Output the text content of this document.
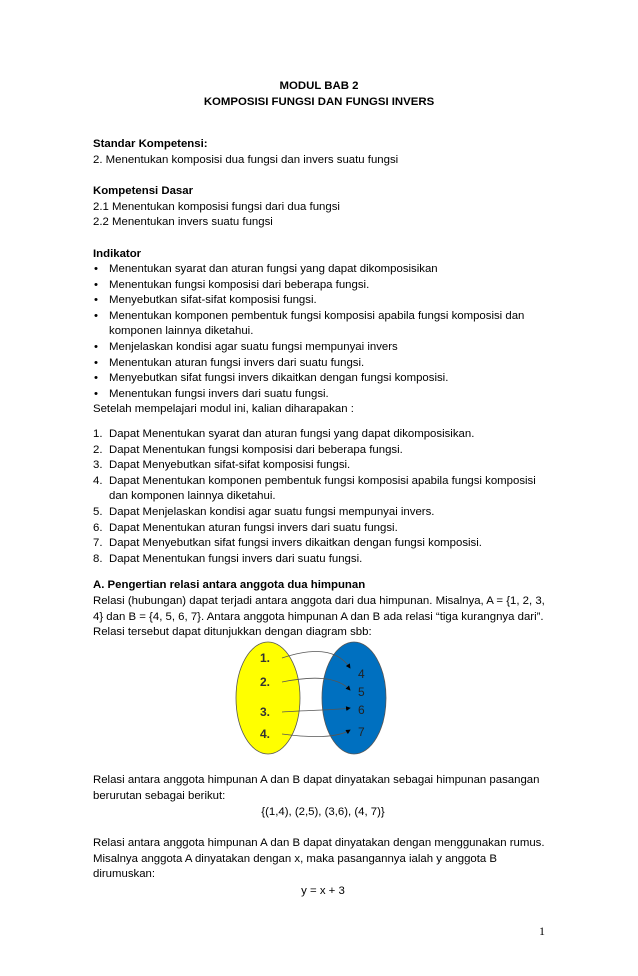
MODUL BAB 2
KOMPOSISI FUNGSI DAN FUNGSI INVERS
Standar Kompetensi:
2. Menentukan komposisi dua fungsi dan invers suatu fungsi
Kompetensi Dasar
2.1 Menentukan komposisi fungsi dari dua fungsi
2.2 Menentukan invers suatu fungsi
Indikator
• Menentukan syarat dan aturan fungsi yang dapat dikomposisikan
• Menentukan fungsi komposisi dari beberapa fungsi.
• Menyebutkan sifat-sifat komposisi fungsi.
• Menentukan komponen pembentuk fungsi komposisi apabila fungsi komposisi dan komponen lainnya diketahui.
• Menjelaskan kondisi agar suatu fungsi mempunyai invers
• Menentukan aturan fungsi invers dari suatu fungsi.
• Menyebutkan sifat fungsi invers dikaitkan dengan fungsi komposisi.
• Menentukan fungsi invers dari suatu fungsi.
Setelah mempelajari modul ini, kalian diharapakan :
1. Dapat Menentukan syarat dan aturan fungsi yang dapat dikomposisikan.
2. Dapat Menentukan fungsi komposisi dari beberapa fungsi.
3. Dapat Menyebutkan sifat-sifat komposisi fungsi.
4. Dapat Menentukan komponen pembentuk fungsi komposisi apabila fungsi komposisi dan komponen lainnya diketahui.
5. Dapat Menjelaskan kondisi agar suatu fungsi mempunyai invers.
6. Dapat Menentukan aturan fungsi invers dari suatu fungsi.
7. Dapat Menyebutkan sifat fungsi invers dikaitkan dengan fungsi komposisi.
8. Dapat Menentukan fungsi invers dari suatu fungsi.
A. Pengertian relasi antara anggota dua himpunan
Relasi (hubungan) dapat terjadi antara anggota dari dua himpunan. Misalnya, A = {1, 2, 3, 4} dan B = {4, 5, 6, 7}. Antara anggota himpunan A dan B ada relasi “tiga kurangnya dari”. Relasi tersebut dapat ditunjukkan dengan diagram sbb:
1.
2.
3.
4.
4
5
6
7
Relasi antara anggota himpunan A dan B dapat dinyatakan sebagai himpunan pasangan berurutan sebagai berikut:
{(1,4), (2,5), (3,6), (4, 7)}
Relasi antara anggota himpunan A dan B dapat dinyatakan dengan menggunakan rumus. Misalnya anggota A dinyatakan dengan x, maka pasangannya ialah y anggota B dirumuskan:
y = x + 3
1
